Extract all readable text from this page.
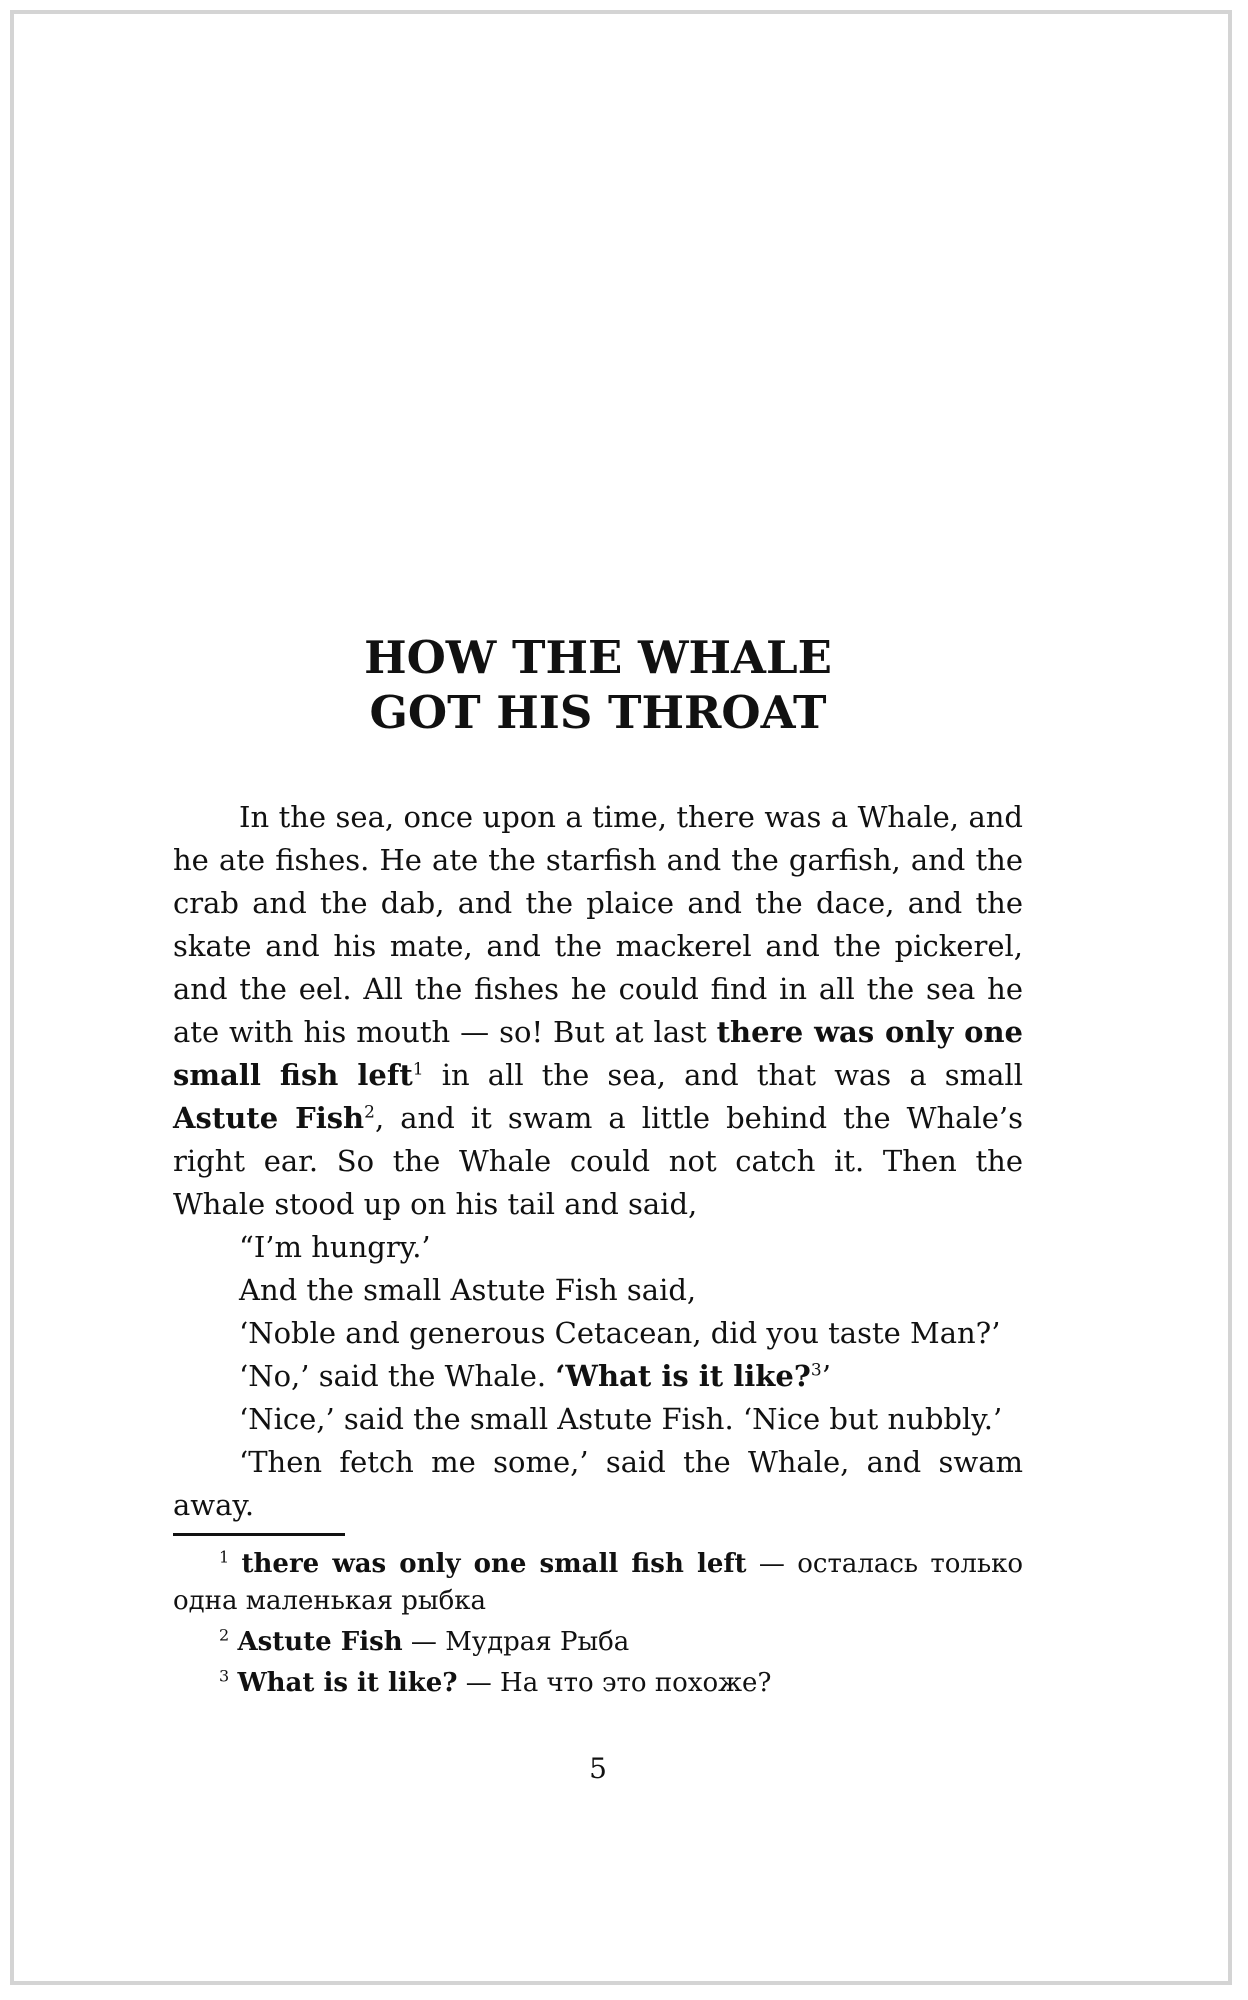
HOW THE WHALE
GOT HIS THROAT

In the sea, once upon a time, there was a Whale, and he ate fishes. He ate the starfish and the garfish, and the crab and the dab, and the plaice and the dace, and the skate and his mate, and the mackerel and the pickerel, and the eel. All the fishes he could find in all the sea he ate with his mouth — so! But at last there was only one small fish left$^1$ in all the sea, and that was a small Astute Fish$^2$, and it swam a little behind the Whale’s right ear. So the Whale could not catch it. Then the Whale stood up on his tail and said,

“I’m hungry.’
And the small Astute Fish said,
‘Noble and generous Cetacean, did you taste Man?’
‘No,’ said the Whale. ‘What is it like?$^3$’
‘Nice,’ said the small Astute Fish. ‘Nice but nubbly.’

‘Then fetch me some,’ said the Whale, and swam

away.

$^1$ there was only one small fish left — осталась только одна маленькая рыбка

$^2$ Astute Fish — Мудрая Рыба

$^3$ What is it like? — На что это похоже?

5
